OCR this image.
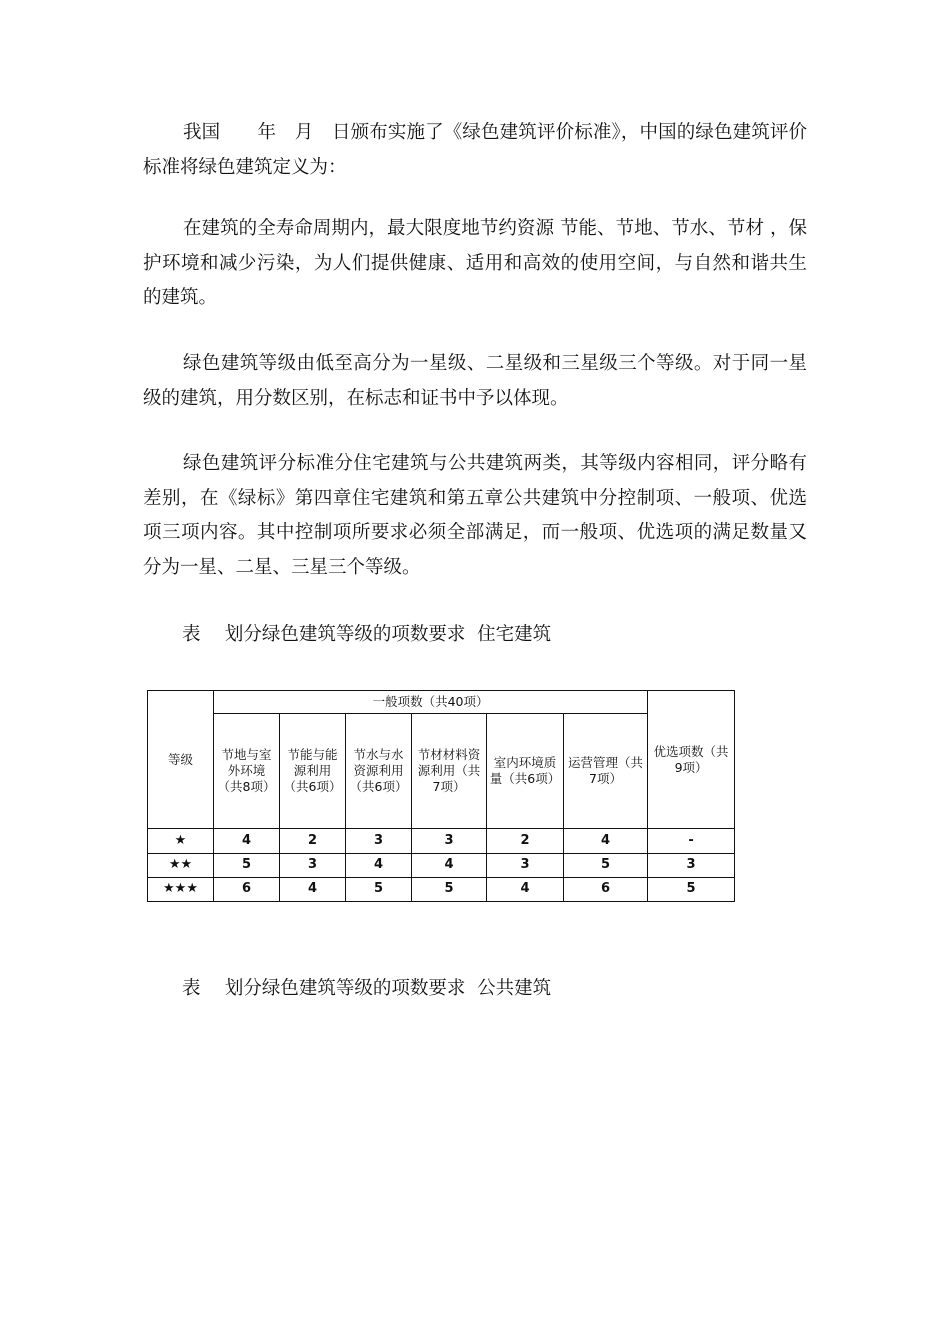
我国　　年　月　日颁布实施了《绿色建筑评价标准》，中国的绿色建筑评价标准将绿色建筑定义为：

在建筑的全寿命周期内，最大限度地节约资源 节能、节地、节水、节材 ，保护环境和减少污染，为人们提供健康、适用和高效的使用空间，与自然和谐共生的建筑。

绿色建筑等级由低至高分为一星级、二星级和三星级三个等级。对于同一星级的建筑，用分数区别，在标志和证书中予以体现。

绿色建筑评分标准分住宅建筑与公共建筑两类，其等级内容相同，评分略有差别，在《绿标》第四章住宅建筑和第五章公共建筑中分控制项、一般项、优选项三项内容。其中控制项所要求必须全部满足，而一般项、优选项的满足数量又分为一星、二星、三星三个等级。

表　 划分绿色建筑等级的项数要求  住宅建筑

等级	一般项数（共40项）						优选项数（共9项）
	节地与室外环境（共8项）	节能与能源利用（共6项）	节水与水资源利用（共6项）	节材材料资源利用（共7项）	室内环境质量（共6项）	运营管理（共7项）	
★	4	2	3	3	2	4	-
★★	5	3	4	4	3	5	3
★★★	6	4	5	5	4	6	5

表　 划分绿色建筑等级的项数要求  公共建筑
